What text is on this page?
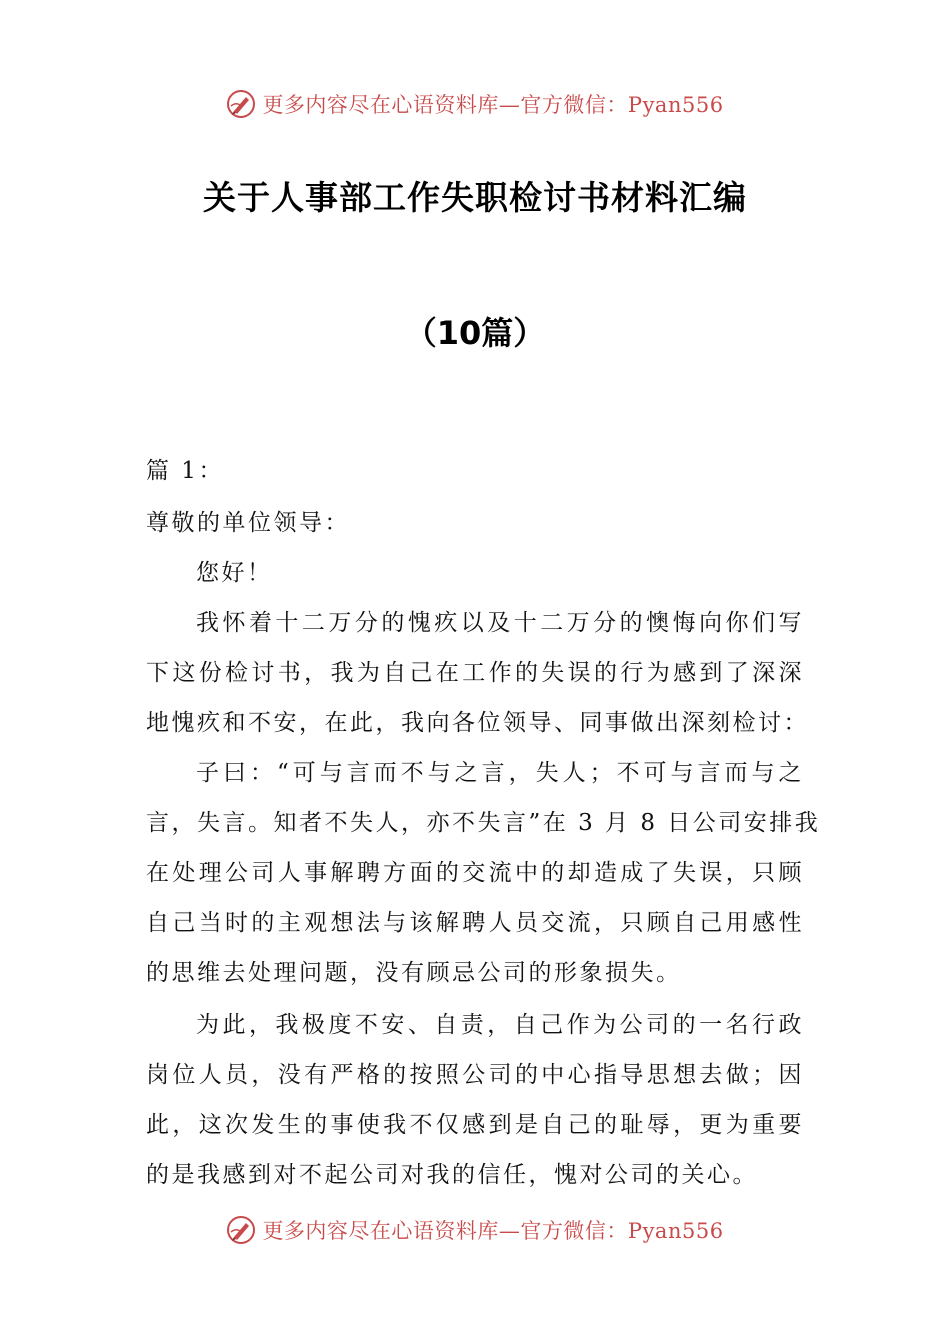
更多内容尽在心语资料库—官方微信：Pyan556
关于人事部工作失职检讨书材料汇编
（10篇）

篇 1：

尊敬的单位领导：

您好！

我怀着十二万分的愧疚以及十二万分的懊悔向你们写

下这份检讨书，我为自己在工作的失误的行为感到了深深

地愧疚和不安，在此，我向各位领导、同事做出深刻检讨：

子曰：“可与言而不与之言，失人；不可与言而与之

言，失言。知者不失人，亦不失言”在 3 月 8 日公司安排我

在处理公司人事解聘方面的交流中的却造成了失误，只顾

自己当时的主观想法与该解聘人员交流，只顾自己用感性

的思维去处理问题，没有顾忌公司的形象损失。

为此，我极度不安、自责，自己作为公司的一名行政

岗位人员，没有严格的按照公司的中心指导思想去做；因

此，这次发生的事使我不仅感到是自己的耻辱，更为重要

的是我感到对不起公司对我的信任，愧对公司的关心。

更多内容尽在心语资料库—官方微信：Pyan556
